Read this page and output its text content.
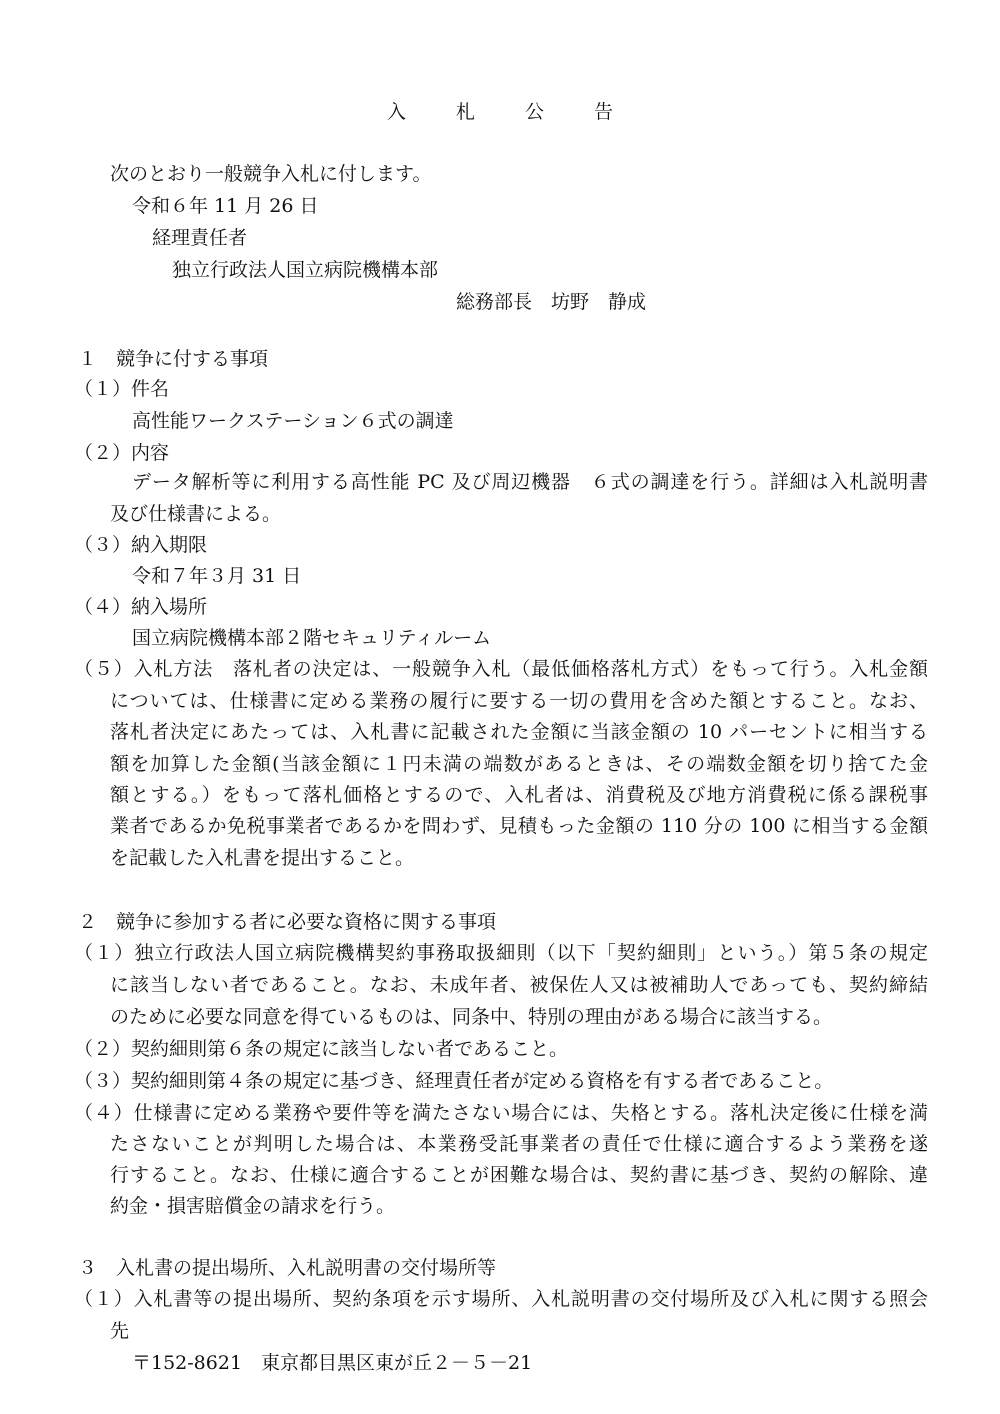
入 札 公 告
次のとおり一般競争入札に付します。
令和６年 11 月 26 日
経理責任者
独立行政法人国立病院機構本部
総務部長　坊野　静成
１　競争に付する事項
（１）件名
高性能ワークステーション６式の調達
（２）内容
データ解析等に利用する高性能 PC 及び周辺機器　６式の調達を行う。詳細は入札説明書
及び仕様書による。
（３）納入期限
令和７年３月 31 日
（４）納入場所
国立病院機構本部２階セキュリティルーム
（５）入札方法　落札者の決定は、一般競争入札（最低価格落札方式）をもって行う。入札金額
については、仕様書に定める業務の履行に要する一切の費用を含めた額とすること。なお、
落札者決定にあたっては、入札書に記載された金額に当該金額の 10 パーセントに相当する
額を加算した金額(当該金額に１円未満の端数があるときは、その端数金額を切り捨てた金
額とする。）をもって落札価格とするので、入札者は、消費税及び地方消費税に係る課税事
業者であるか免税事業者であるかを問わず、見積もった金額の 110 分の 100 に相当する金額
を記載した入札書を提出すること。
２　競争に参加する者に必要な資格に関する事項
（１）独立行政法人国立病院機構契約事務取扱細則（以下「契約細則」という。）第５条の規定
に該当しない者であること。なお、未成年者、被保佐人又は被補助人であっても、契約締結
のために必要な同意を得ているものは、同条中、特別の理由がある場合に該当する。
（２）契約細則第６条の規定に該当しない者であること。
（３）契約細則第４条の規定に基づき、経理責任者が定める資格を有する者であること。
（４）仕様書に定める業務や要件等を満たさない場合には、失格とする。落札決定後に仕様を満
たさないことが判明した場合は、本業務受託事業者の責任で仕様に適合するよう業務を遂
行すること。なお、仕様に適合することが困難な場合は、契約書に基づき、契約の解除、違
約金・損害賠償金の請求を行う。
３　入札書の提出場所、入札説明書の交付場所等
（１）入札書等の提出場所、契約条項を示す場所、入札説明書の交付場所及び入札に関する照会
先
〒152-8621　東京都目黒区東が丘２－５－21
